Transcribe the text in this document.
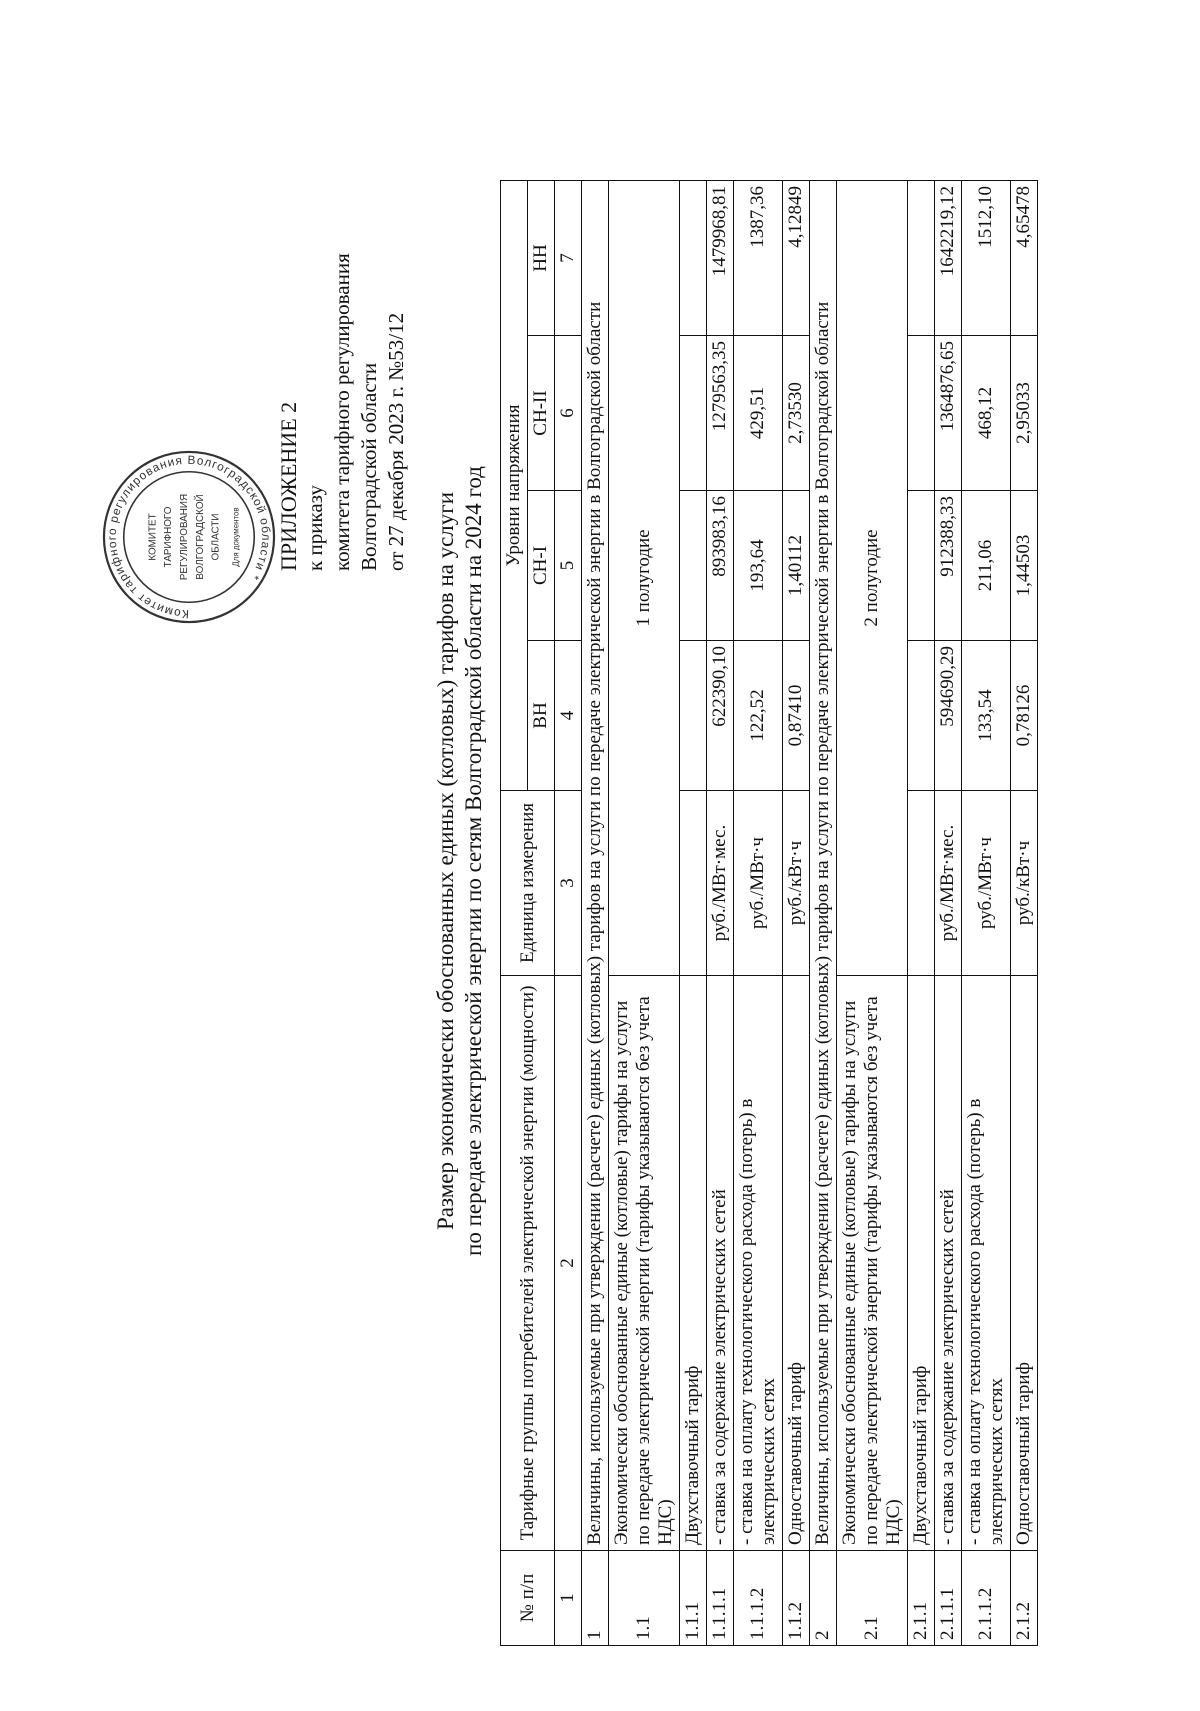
ПРИЛОЖЕНИЕ 2 к приказу комитета тарифного регулирования Волгоградской области от 27 декабря 2023 г. №53/12
Комитет тарифного регулирования Волгоградской области *
КОМИТЕТ ТАРИФНОГО РЕГУЛИРОВАНИЯ ВОЛГОГРАДСКОЙ ОБЛАСТИ Для документов	Размер экономически обоснованных единых (котловых) тарифов на услуги по передаче электрической энергии по сетям Волгоградской области на 2024 год
№ п/п	Тарифные группы потребителей электрической энергии (мощности)	Единица измерения	Уровни напряжения			
			ВН	СН-I	СН-II	НН
1	2	3	4	5	6	7
1	Величины, используемые при утверждении (расчете) единых (котловых) тарифов на услуги по передаче электрической энергии в Волгоградской области					
1.1	Экономически обоснованные единые (котловые) тарифы на услуги по передаче электрической энергии (тарифы указываются без учета НДС)	1 полугодие				
1.1.1	Двухставочный тариф					
1.1.1.1	- ставка за содержание электрических сетей	руб./МВт·мес.	622390,10	893983,16	1279563,35	1479968,81
1.1.1.2	- ставка на оплату технологического расхода (потерь) в электрических сетях	руб./МВт·ч	122,52	193,64	429,51	1387,36
1.1.2	Одноставочный тариф	руб./кВт·ч	0,87410	1,40112	2,73530	4,12849
2	Величины, используемые при утверждении (расчете) единых (котловых) тарифов на услуги по передаче электрической энергии в Волгоградской области					
2.1	Экономически обоснованные единые (котловые) тарифы на услуги по передаче электрической энергии (тарифы указываются без учета НДС)	2 полугодие				
2.1.1	Двухставочный тариф					
2.1.1.1	- ставка за содержание электрических сетей	руб./МВт·мес.	594690,29	912388,33	1364876,65	1642219,12
2.1.1.2	- ставка на оплату технологического расхода (потерь) в электрических сетях	руб./МВт·ч	133,54	211,06	468,12	1512,10
2.1.2	Одноставочный тариф	руб./кВт·ч	0,78126	1,44503	2,95033	4,65478
